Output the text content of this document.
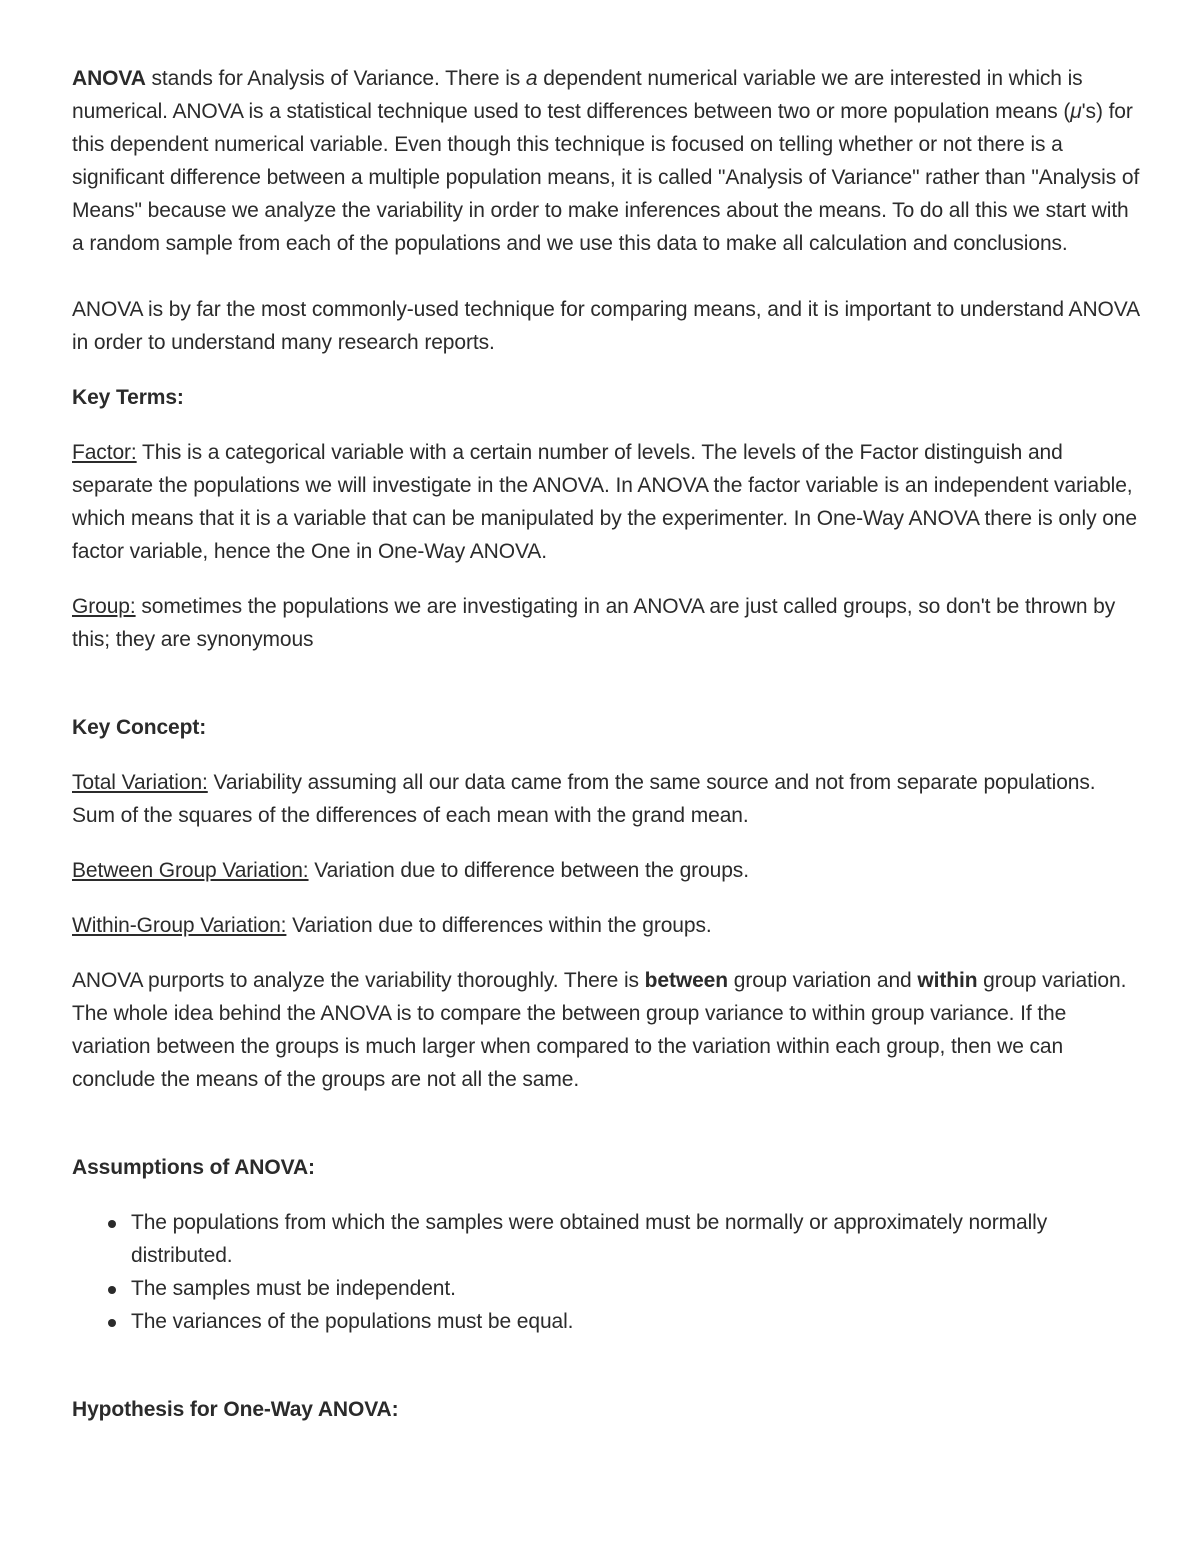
ANOVA stands for Analysis of Variance. There is a dependent numerical variable we are interested in which is numerical. ANOVA is a statistical technique used to test differences between two or more population means (μ's) for this dependent numerical variable. Even though this technique is focused on telling whether or not there is a significant difference between a multiple population means, it is called "Analysis of Variance" rather than "Analysis of Means" because we analyze the variability in order to make inferences about the means. To do all this we start with a random sample from each of the populations and we use this data to make all calculation and conclusions.

ANOVA is by far the most commonly-used technique for comparing means, and it is important to understand ANOVA in order to understand many research reports.

Key Terms:

Factor: This is a categorical variable with a certain number of levels. The levels of the Factor distinguish and separate the populations we will investigate in the ANOVA. In ANOVA the factor variable is an independent variable, which means that it is a variable that can be manipulated by the experimenter. In One-Way ANOVA there is only one factor variable, hence the One in One-Way ANOVA.

Group: sometimes the populations we are investigating in an ANOVA are just called groups, so don't be thrown by this; they are synonymous

Key Concept:

Total Variation: Variability assuming all our data came from the same source and not from separate populations. Sum of the squares of the differences of each mean with the grand mean.

Between Group Variation: Variation due to difference between the groups.

Within-Group Variation: Variation due to differences within the groups.

ANOVA purports to analyze the variability thoroughly. There is between group variation and within group variation. The whole idea behind the ANOVA is to compare the between group variance to within group variance. If the variation between the groups is much larger when compared to the variation within each group, then we can conclude the means of the groups are not all the same.

Assumptions of ANOVA:

The populations from which the samples were obtained must be normally or approximately normally distributed.
The samples must be independent.
The variances of the populations must be equal.

Hypothesis for One-Way ANOVA:
